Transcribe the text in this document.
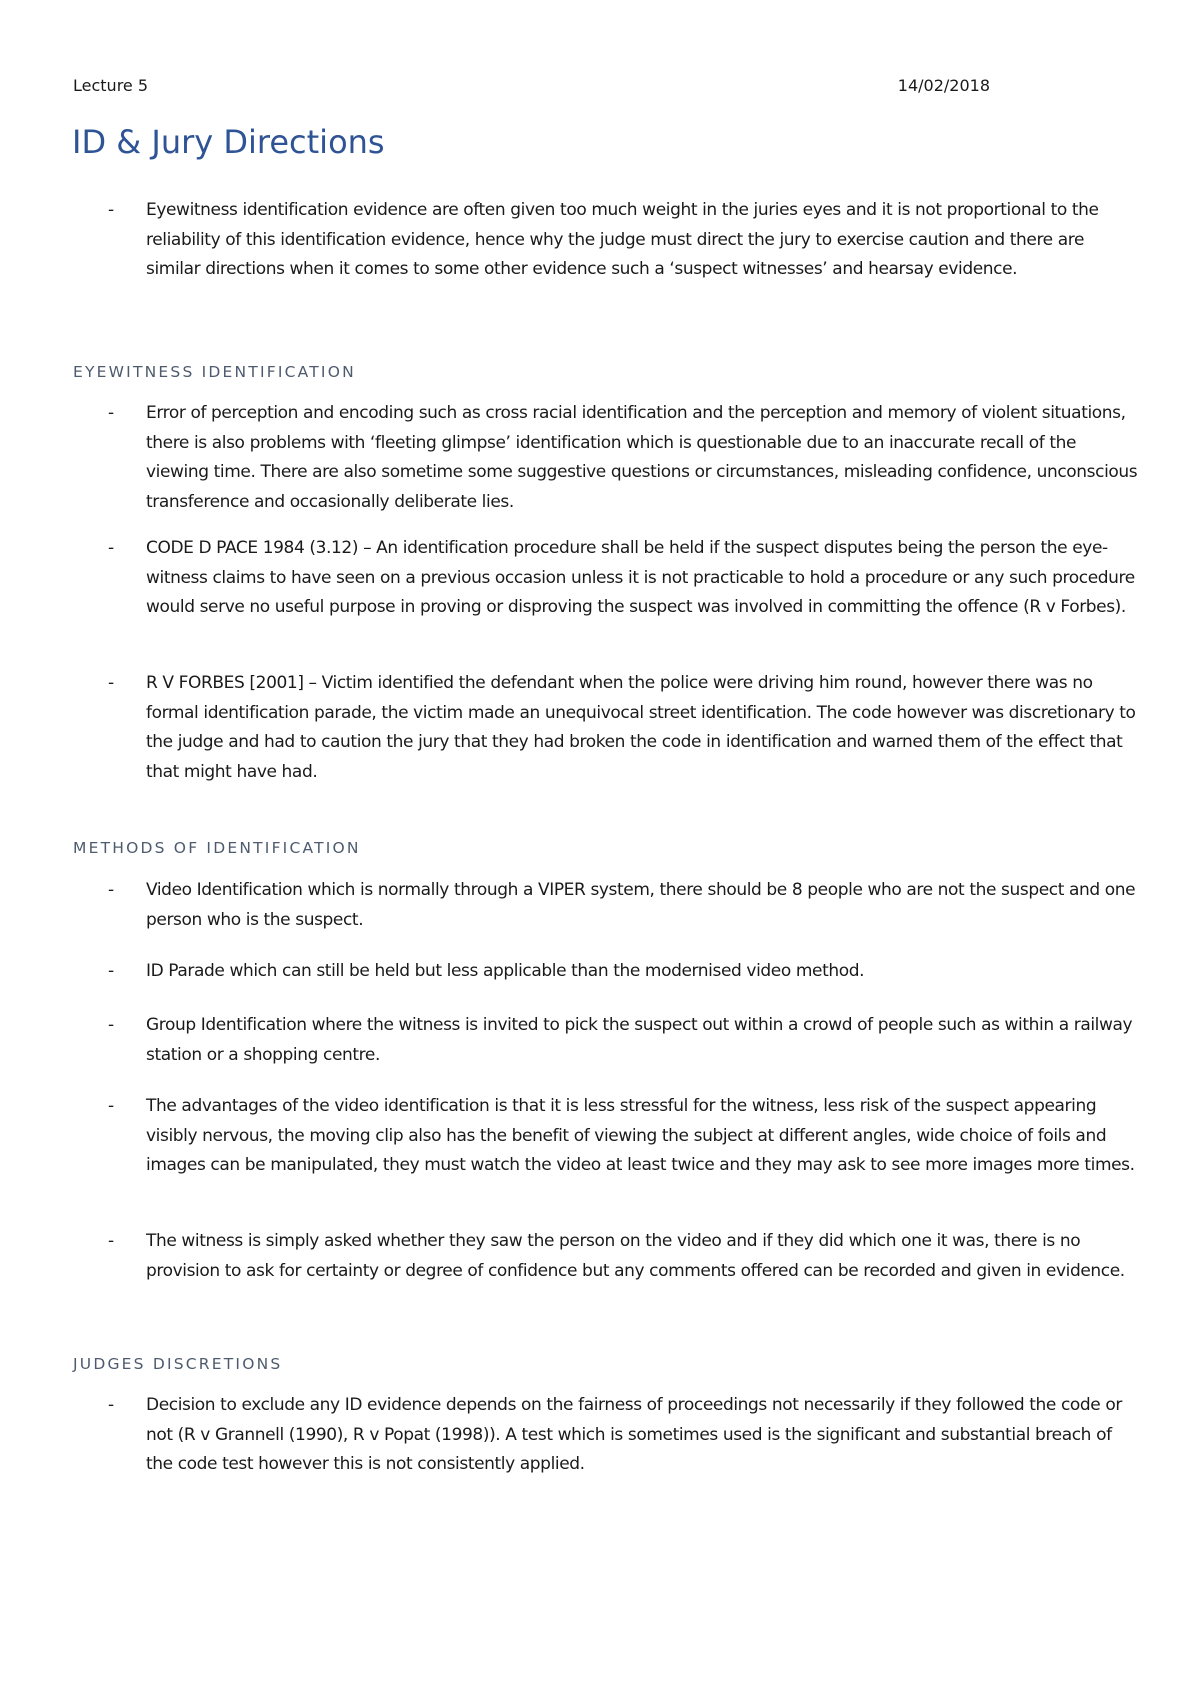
Lecture 5	14/02/2018
ID & Jury Directions
- Eyewitness identification evidence are often given too much weight in the juries eyes and it is not proportional to the reliability of this identification evidence, hence why the judge must direct the jury to exercise caution and there are similar directions when it comes to some other evidence such a ‘suspect witnesses’ and hearsay evidence.
EYEWITNESS IDENTIFICATION
- Error of perception and encoding such as cross racial identification and the perception and memory of violent situations, there is also problems with ‘fleeting glimpse’ identification which is questionable due to an inaccurate recall of the viewing time. There are also sometime some suggestive questions or circumstances, misleading confidence, unconscious transference and occasionally deliberate lies.
- CODE D PACE 1984 (3.12) – An identification procedure shall be held if the suspect disputes being the person the eye-witness claims to have seen on a previous occasion unless it is not practicable to hold a procedure or any such procedure would serve no useful purpose in proving or disproving the suspect was involved in committing the offence (R v Forbes).
- R V FORBES [2001] – Victim identified the defendant when the police were driving him round, however there was no formal identification parade, the victim made an unequivocal street identification. The code however was discretionary to the judge and had to caution the jury that they had broken the code in identification and warned them of the effect that that might have had.
METHODS OF IDENTIFICATION
- Video Identification which is normally through a VIPER system, there should be 8 people who are not the suspect and one person who is the suspect.
- ID Parade which can still be held but less applicable than the modernised video method.
- Group Identification where the witness is invited to pick the suspect out within a crowd of people such as within a railway station or a shopping centre.
- The advantages of the video identification is that it is less stressful for the witness, less risk of the suspect appearing visibly nervous, the moving clip also has the benefit of viewing the subject at different angles, wide choice of foils and images can be manipulated, they must watch the video at least twice and they may ask to see more images more times.
- The witness is simply asked whether they saw the person on the video and if they did which one it was, there is no provision to ask for certainty or degree of confidence but any comments offered can be recorded and given in evidence.
JUDGES DISCRETIONS
- Decision to exclude any ID evidence depends on the fairness of proceedings not necessarily if they followed the code or not (R v Grannell (1990), R v Popat (1998)). A test which is sometimes used is the significant and substantial breach of the code test however this is not consistently applied.
